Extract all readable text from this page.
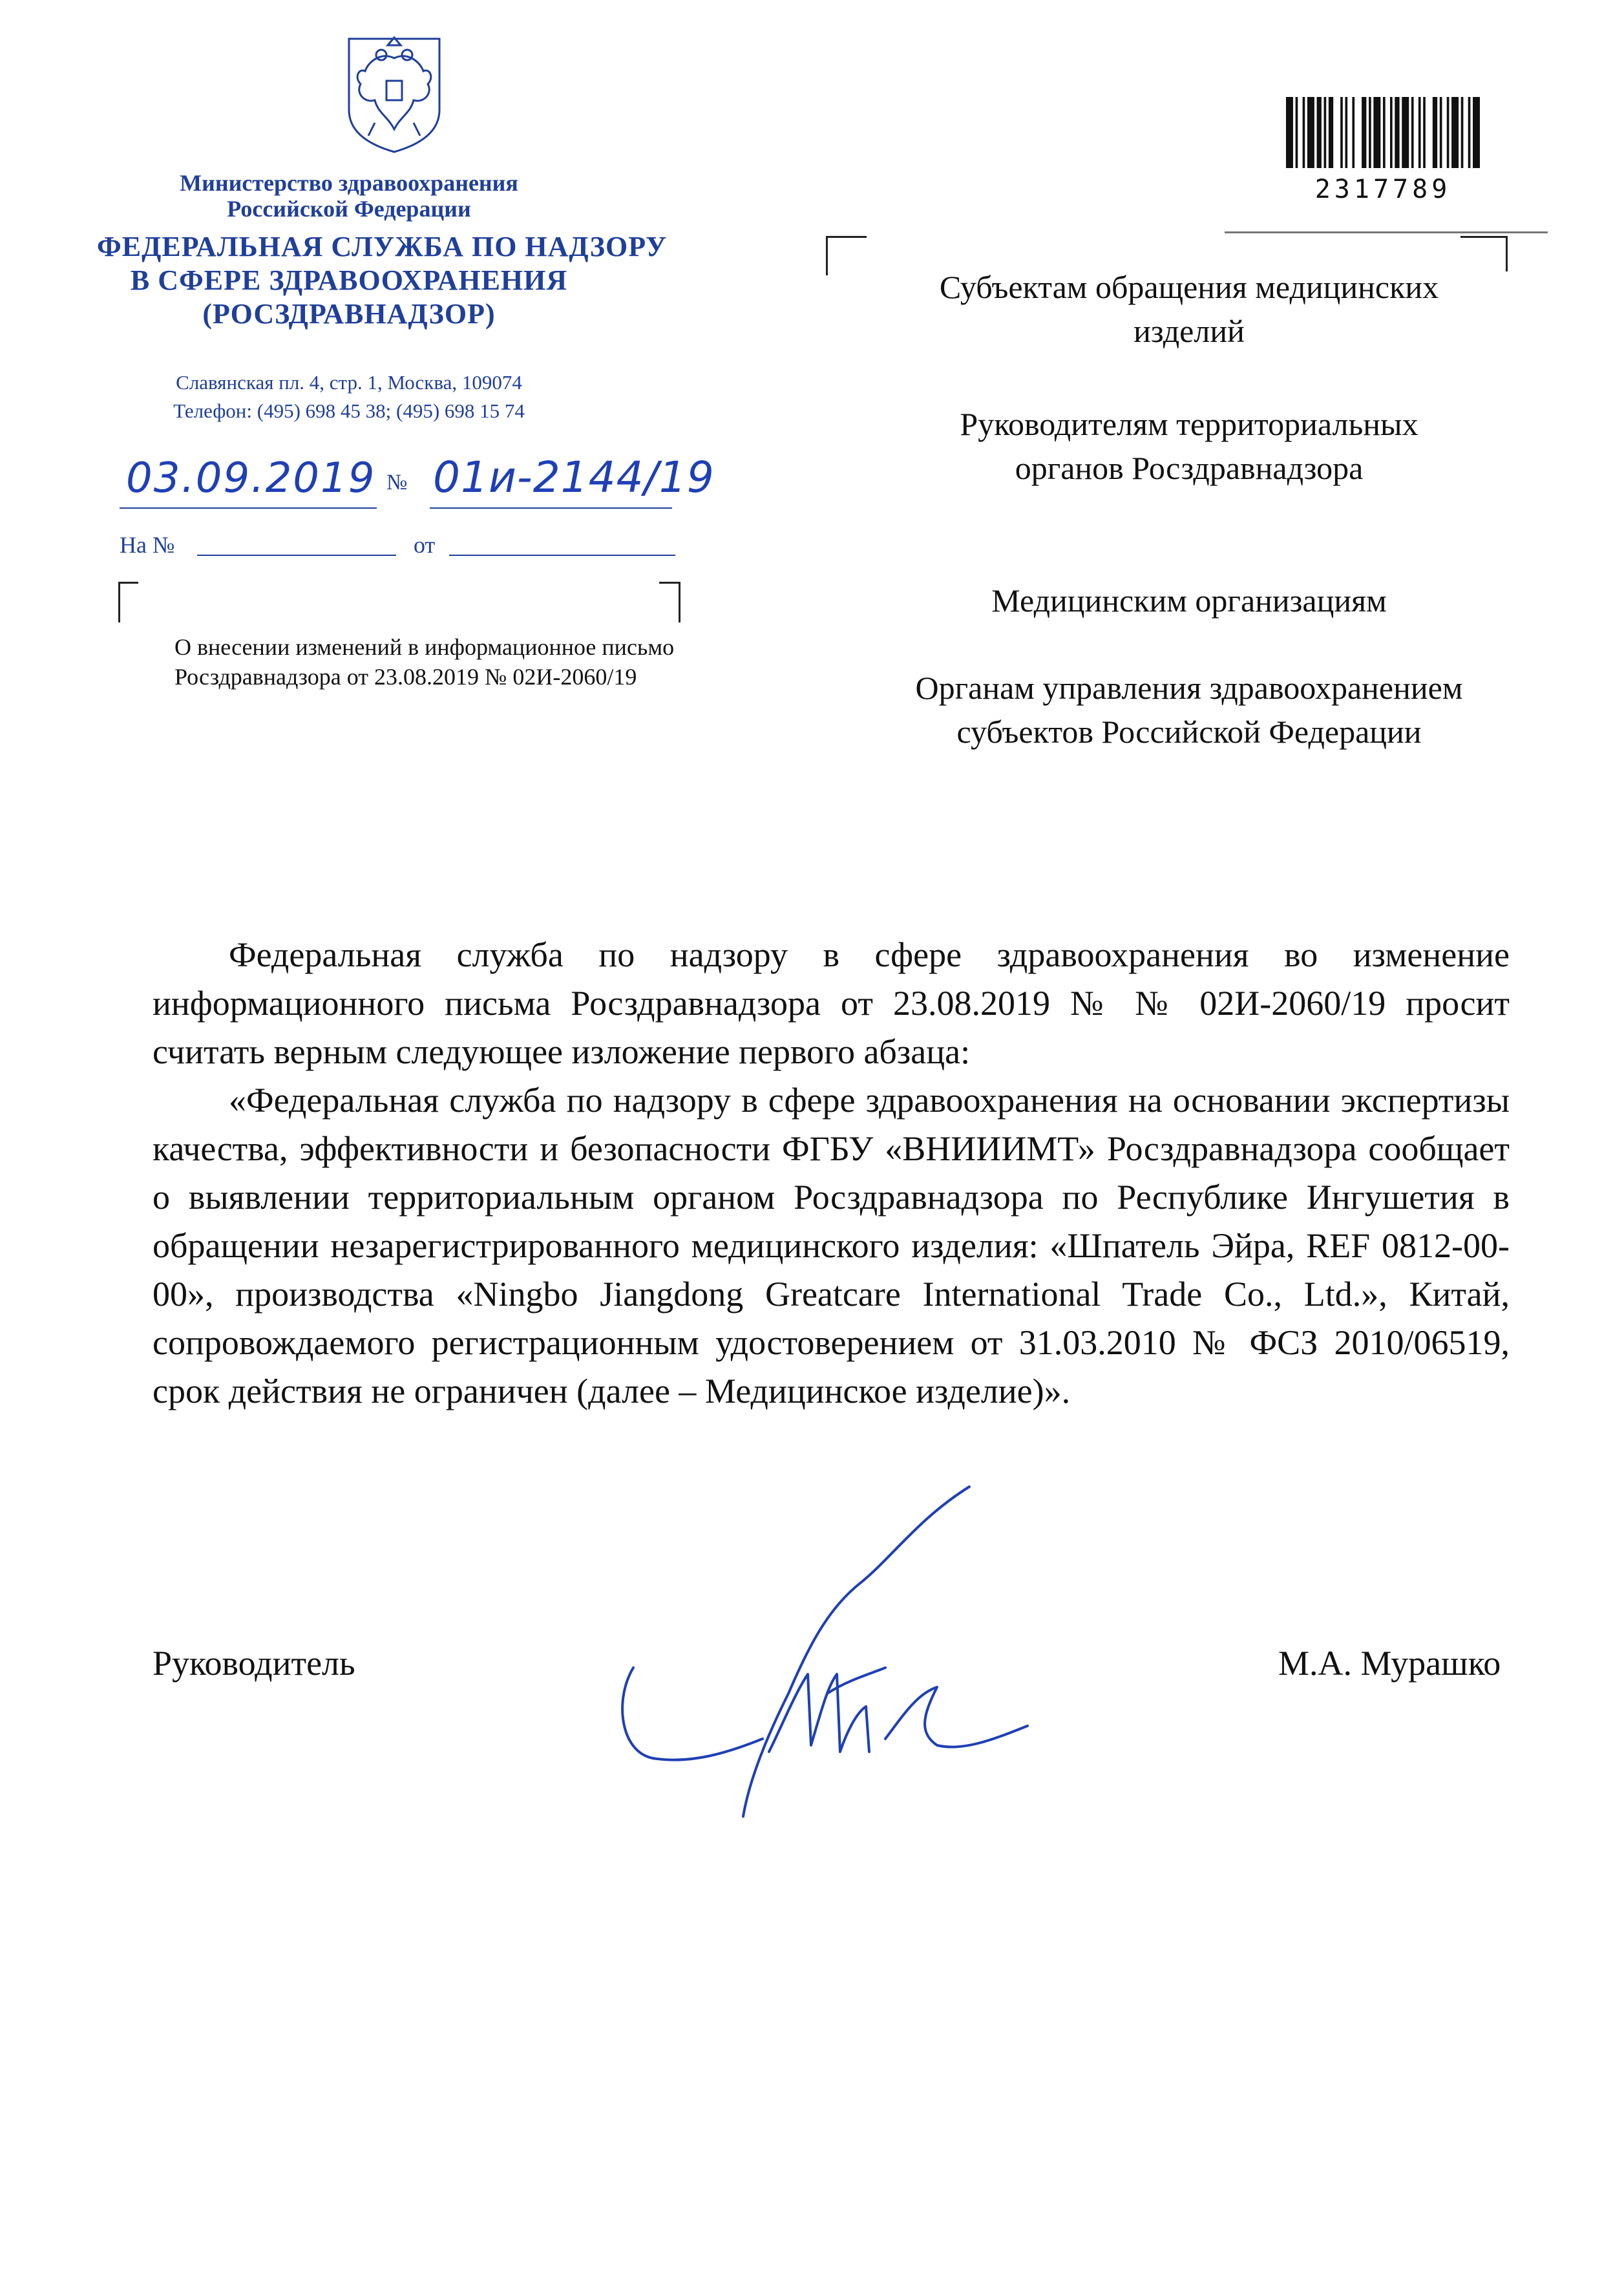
Министерство здравоохранения
Российской Федерации
ФЕДЕРАЛЬНАЯ СЛУЖБА ПО НАДЗОРУ
В СФЕРЕ ЗДРАВООХРАНЕНИЯ
(РОСЗДРАВНАДЗОР)
Славянская пл. 4, стр. 1, Москва, 109074
Телефон: (495) 698 45 38; (495) 698 15 74
03.09.2019 № 01и-2144/19
На №	от
О внесении изменений в информационное письмо Росздравнадзора от 23.08.2019 № 02И-2060/19
2317789
Субъектам обращения медицинских изделий
Руководителям территориальных органов Росздравнадзора
Медицинским организациям
Органам управления здравоохранением субъектов Российской Федерации

Федеральная служба по надзору в сфере здравоохранения во изменение информационного письма Росздравнадзора от 23.08.2019 № № 02И-2060/19 просит считать верным следующее изложение первого абзаца:

«Федеральная служба по надзору в сфере здравоохранения на основании экспертизы качества, эффективности и безопасности ФГБУ «ВНИИИМТ» Росздравнадзора сообщает о выявлении территориальным органом Росздравнадзора по Республике Ингушетия в обращении незарегистрированного медицинского изделия: «Шпатель Эйра, REF 0812-00-00», производства «Ningbo Jiangdong Greatcare International Trade Co., Ltd.», Китай, сопровождаемого регистрационным удостоверением от 31.03.2010 № ФСЗ 2010/06519, срок действия не ограничен (далее – Медицинское изделие)».

Руководитель	М.А. Мурашко
